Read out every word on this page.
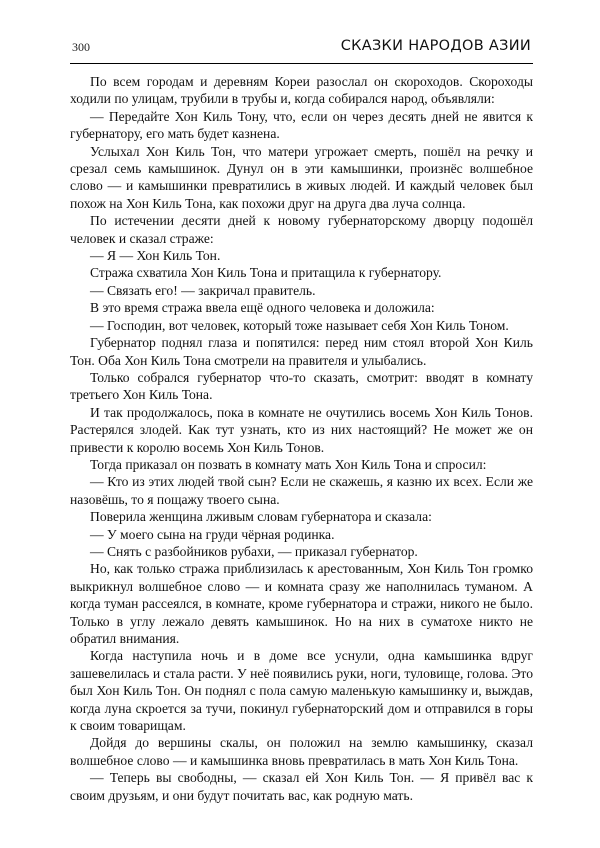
300	СКАЗКИ НАРОДОВ АЗИИ

По всем городам и деревням Кореи разослал он скороходов. Скороходы ходили по улицам, трубили в трубы и, когда собирался народ, объявляли:

— Передайте Хон Киль Тону, что, если он через десять дней не явится к губернатору, его мать будет казнена.

Услыхал Хон Киль Тон, что матери угрожает смерть, пошёл на речку и срезал семь камышинок. Дунул он в эти камышинки, произнёс волшебное слово — и камышинки превратились в живых людей. И каждый человек был похож на Хон Киль Тона, как похожи друг на друга два луча солнца.

По истечении десяти дней к новому губернаторскому дворцу подошёл человек и сказал страже:

— Я — Хон Киль Тон.

Стража схватила Хон Киль Тона и притащила к губернатору.

— Связать его! — закричал правитель.

В это время стража ввела ещё одного человека и доложила:

— Господин, вот человек, который тоже называет себя Хон Киль Тоном.

Губернатор поднял глаза и попятился: перед ним стоял второй Хон Киль Тон. Оба Хон Киль Тона смотрели на правителя и улыбались.

Только собрался губернатор что-то сказать, смотрит: вводят в комнату третьего Хон Киль Тона.

И так продолжалось, пока в комнате не очутились восемь Хон Киль Тонов. Растерялся злодей. Как тут узнать, кто из них настоящий? Не может же он привести к королю восемь Хон Киль Тонов.

Тогда приказал он позвать в комнату мать Хон Киль Тона и спросил:

— Кто из этих людей твой сын? Если не скажешь, я казню их всех. Если же назовёшь, то я пощажу твоего сына.

Поверила женщина лживым словам губернатора и сказала:

— У моего сына на груди чёрная родинка.

— Снять с разбойников рубахи, — приказал губернатор.

Но, как только стража приблизилась к арестованным, Хон Киль Тон громко выкрикнул волшебное слово — и комната сразу же наполнилась туманом. А когда туман рассеялся, в комнате, кроме губернатора и стражи, никого не было. Только в углу лежало девять камышинок. Но на них в суматохе никто не обратил внимания.

Когда наступила ночь и в доме все уснули, одна камышинка вдруг зашевелилась и стала расти. У неё появились руки, ноги, туловище, голова. Это был Хон Киль Тон. Он поднял с пола самую маленькую камышинку и, выждав, когда луна скроется за тучи, покинул губернаторский дом и отправился в горы к своим товарищам.

Дойдя до вершины скалы, он положил на землю камышинку, сказал волшебное слово — и камышинка вновь превратилась в мать Хон Киль Тона.

— Теперь вы свободны, — сказал ей Хон Киль Тон. — Я привёл вас к своим друзьям, и они будут почитать вас, как родную мать.
